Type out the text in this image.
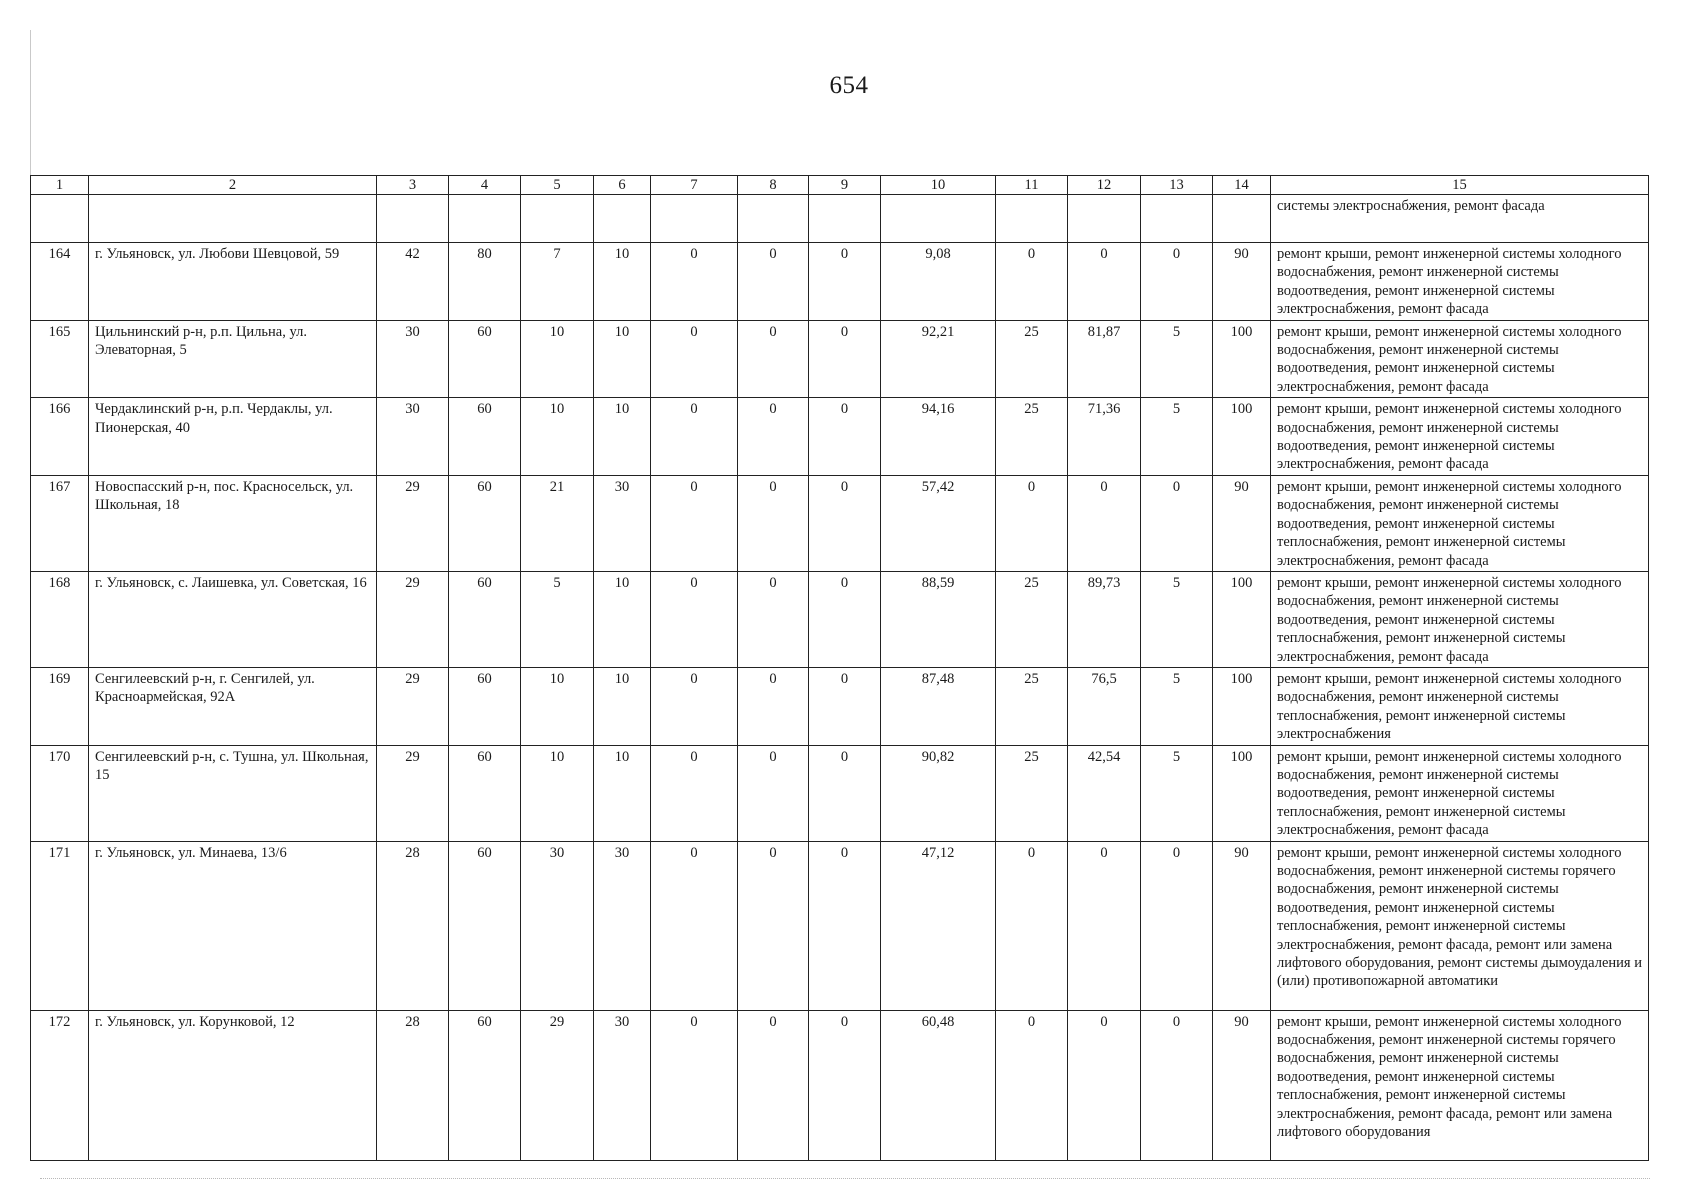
654
1	2	3	4	5	6	7	8	9	10	11	12	13	14	15
														системы электроснабжения, ремонт фасада
164	г. Ульяновск, ул. Любови Шевцовой, 59	42	80	7	10	0	0	0	9,08	0	0	0	90	ремонт крыши, ремонт инженерной системы холодного водоснабжения, ремонт инженерной системы водоотведения, ремонт инженерной системы электроснабжения, ремонт фасада
165	Цильнинский р-н, р.п. Цильна, ул. Элеваторная, 5	30	60	10	10	0	0	0	92,21	25	81,87	5	100	ремонт крыши, ремонт инженерной системы холодного водоснабжения, ремонт инженерной системы водоотведения, ремонт инженерной системы электроснабжения, ремонт фасада
166	Чердаклинский р-н, р.п. Чердаклы, ул. Пионерская, 40	30	60	10	10	0	0	0	94,16	25	71,36	5	100	ремонт крыши, ремонт инженерной системы холодного водоснабжения, ремонт инженерной системы водоотведения, ремонт инженерной системы электроснабжения, ремонт фасада
167	Новоспасский р-н, пос. Красносельск, ул. Школьная, 18	29	60	21	30	0	0	0	57,42	0	0	0	90	ремонт крыши, ремонт инженерной системы холодного водоснабжения, ремонт инженерной системы водоотведения, ремонт инженерной системы теплоснабжения, ремонт инженерной системы электроснабжения, ремонт фасада
168	г. Ульяновск, с. Лаишевка, ул. Советская, 16	29	60	5	10	0	0	0	88,59	25	89,73	5	100	ремонт крыши, ремонт инженерной системы холодного водоснабжения, ремонт инженерной системы водоотведения, ремонт инженерной системы теплоснабжения, ремонт инженерной системы электроснабжения, ремонт фасада
169	Сенгилеевский р-н, г. Сенгилей, ул. Красноармейская, 92А	29	60	10	10	0	0	0	87,48	25	76,5	5	100	ремонт крыши, ремонт инженерной системы холодного водоснабжения, ремонт инженерной системы теплоснабжения, ремонт инженерной системы электроснабжения
170	Сенгилеевский р-н, с. Тушна, ул. Школьная, 15	29	60	10	10	0	0	0	90,82	25	42,54	5	100	ремонт крыши, ремонт инженерной системы холодного водоснабжения, ремонт инженерной системы водоотведения, ремонт инженерной системы теплоснабжения, ремонт инженерной системы электроснабжения, ремонт фасада
171	г. Ульяновск, ул. Минаева, 13/6	28	60	30	30	0	0	0	47,12	0	0	0	90	ремонт крыши, ремонт инженерной системы холодного водоснабжения, ремонт инженерной системы горячего водоснабжения, ремонт инженерной системы водоотведения, ремонт инженерной системы теплоснабжения, ремонт инженерной системы электроснабжения, ремонт фасада, ремонт или замена лифтового оборудования, ремонт системы дымоудаления и (или) противопожарной автоматики
172	г. Ульяновск, ул. Корунковой, 12	28	60	29	30	0	0	0	60,48	0	0	0	90	ремонт крыши, ремонт инженерной системы холодного водоснабжения, ремонт инженерной системы горячего водоснабжения, ремонт инженерной системы водоотведения, ремонт инженерной системы теплоснабжения, ремонт инженерной системы электроснабжения, ремонт фасада, ремонт или замена лифтового оборудования
